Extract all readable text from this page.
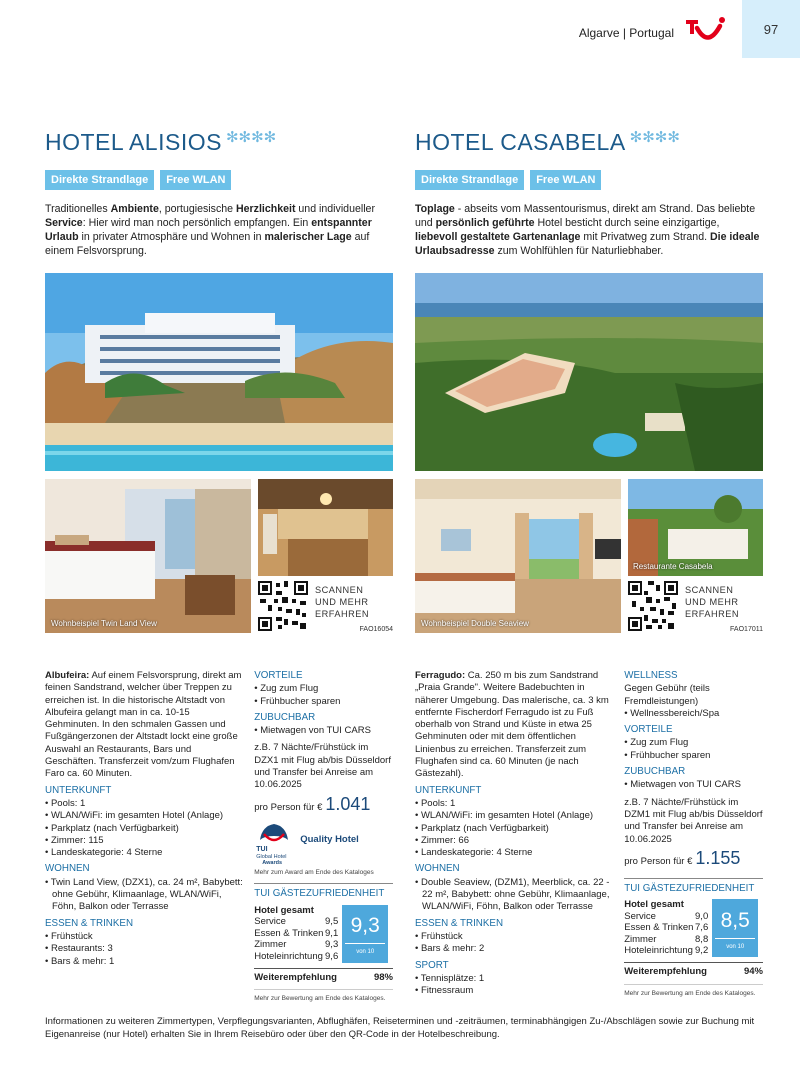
Algarve | Portugal	97
HOTEL ALISIOS ✻✻✻✻
Direkte Strandlage	Free WLAN

Traditionelles Ambiente, portugiesische Herzlichkeit und individueller Service: Hier wird man noch persönlich empfangen. Ein entspannter Urlaub in privater Atmosphäre und Wohnen in malerischer Lage auf einem Felsvorsprung.

Wohnbeispiel Twin Land View
SCANNEN
UND MEHR
ERFAHREN
FAO16054
HOTEL CASABELA ✻✻✻✻
Direkte Strandlage	Free WLAN

Toplage - abseits vom Massentourismus, direkt am Strand. Das beliebte und persönlich geführte Hotel besticht durch seine einzigartige, liebevoll gestaltete Gartenanlage mit Privatweg zum Strand. Die ideale Urlaubsadresse zum Wohlfühlen für Naturliebhaber.

Wohnbeispiel Double Seaview
Restaurante Casabela
SCANNEN
UND MEHR
ERFAHREN
FAO17011

Albufeira: Auf einem Felsvorsprung, direkt am feinen Sandstrand, welcher über Treppen zu erreichen ist. In die historische Altstadt von Albufeira gelangt man in ca. 10-15 Gehminuten. In den schmalen Gassen und Fußgängerzonen der Altstadt lockt eine große Auswahl an Restaurants, Bars und Geschäften. Transferzeit vom/zum Flughafen Faro ca. 60 Minuten.

UNTERKUNFT
• Pools: 1
• WLAN/WiFi: im gesamten Hotel (Anlage)
• Parkplatz (nach Verfügbarkeit)
• Zimmer: 115
• Landeskategorie: 4 Sterne
WOHNEN
• Twin Land View, (DZX1), ca. 24 m², Babybett: ohne Gebühr, Klimaanlage, WLAN/WiFi, Föhn, Balkon oder Terrasse
ESSEN & TRINKEN
• Frühstück
• Restaurants: 3
• Bars & mehr: 1
VORTEILE
• Zug zum Flug
• Frühbucher sparen
ZUBUCHBAR
• Mietwagen von TUI CARS

z.B. 7 Nächte/Frühstück im DZX1 mit Flug ab/bis Düsseldorf und Transfer bei Anreise am 10.06.2025

pro Person für
€ 1.041
TUI
Global Hotel
Awards
Quality Hotel

Mehr zum Award am Ende des Kataloges

TUI GÄSTEZUFRIEDENHEIT
Hotel gesamt
Service	9,5
Essen & Trinken 9,1
Zimmer	9,3
Hoteleinrichtung 9,6
9,3
von 10
Weiterempfehlung	98%
Mehr zur Bewertung am Ende des Kataloges.

Ferragudo: Ca. 250 m bis zum Sandstrand „Praia Grande". Weitere Badebuchten in näherer Umgebung. Das malerische, ca. 3 km entfernte Fischerdorf Ferragudo ist zu Fuß oberhalb von Strand und Küste in etwa 25 Gehminuten oder mit dem öffentlichen Linienbus zu erreichen. Transferzeit zum Flughafen sind ca. 60 Minuten (je nach Gästezahl).

UNTERKUNFT
• Pools: 1
• WLAN/WiFi: im gesamten Hotel (Anlage)
• Parkplatz (nach Verfügbarkeit)
• Zimmer: 66
• Landeskategorie: 4 Sterne
WOHNEN
• Double Seaview, (DZM1), Meerblick, ca. 22 - 22 m², Babybett: ohne Gebühr, Klimaanlage, WLAN/WiFi, Föhn, Balkon oder Terrasse
ESSEN & TRINKEN
• Frühstück
• Bars & mehr: 2
SPORT
• Tennisplätze: 1
• Fitnessraum
WELLNESS
Gegen Gebühr (teils Fremdleistungen)
• Wellnessbereich/Spa
VORTEILE
• Zug zum Flug
• Frühbucher sparen
ZUBUCHBAR
• Mietwagen von TUI CARS

z.B. 7 Nächte/Frühstück im DZM1 mit Flug ab/bis Düsseldorf und Transfer bei Anreise am 10.06.2025

pro Person für
€ 1.155
TUI GÄSTEZUFRIEDENHEIT
Hotel gesamt
Service	9,0
Essen & Trinken 7,6
Zimmer	8,8
Hoteleinrichtung 9,2
8,5
von 10
Weiterempfehlung	94%
Mehr zur Bewertung am Ende des Kataloges.

Informationen zu weiteren Zimmertypen, Verpflegungsvarianten, Abflughäfen, Reiseterminen und -zeiträumen, terminabhängigen Zu-/Abschlägen sowie zur Buchung mit Eigenanreise (nur Hotel) erhalten Sie in Ihrem Reisebüro oder über den QR-Code in der Hotelbeschreibung.
